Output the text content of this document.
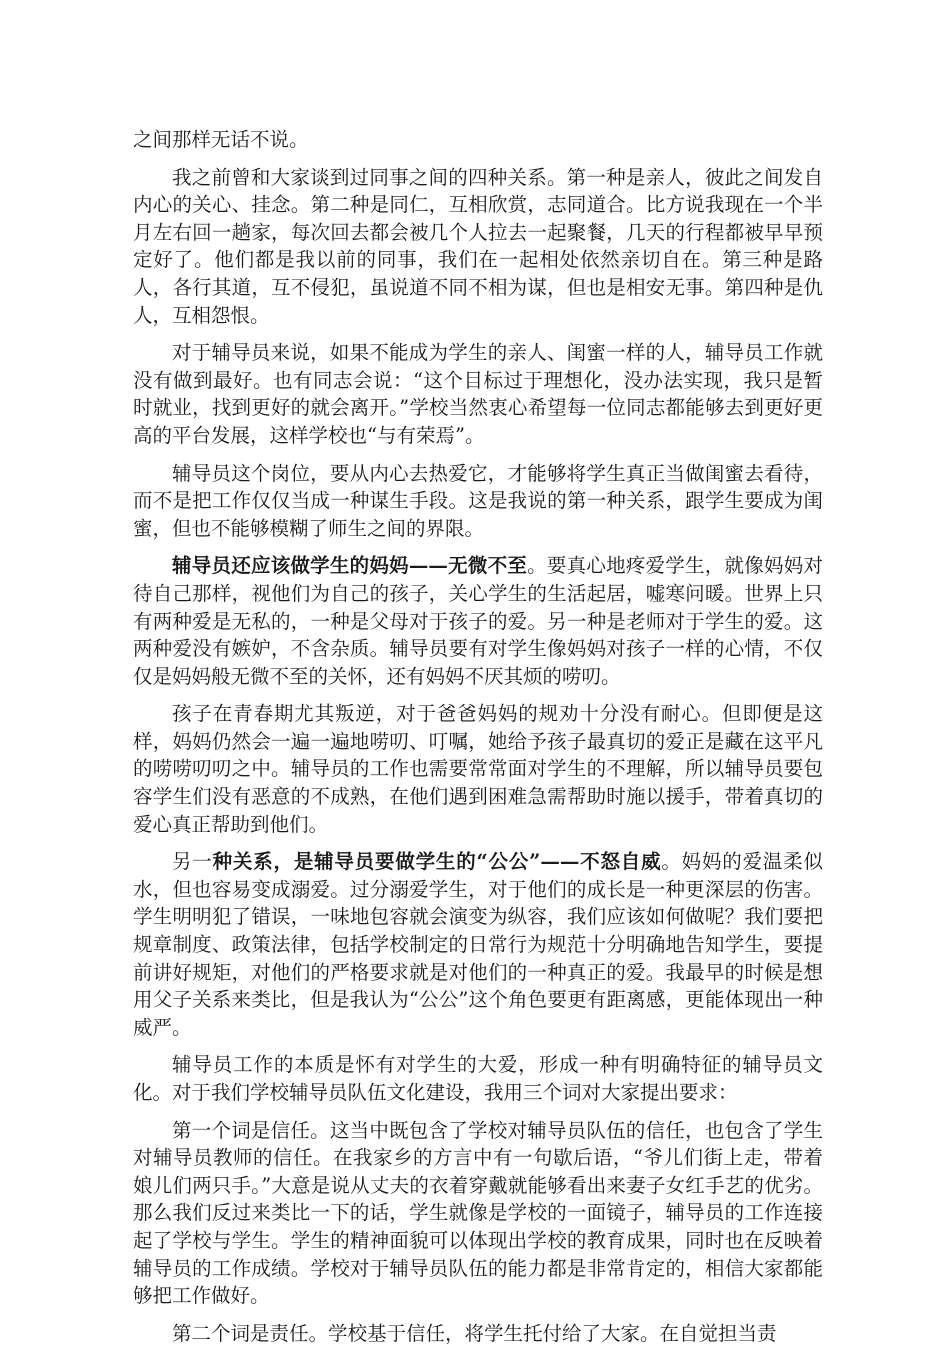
之间那样无话不说。

我之前曾和大家谈到过同事之间的四种关系。第一种是亲人，彼此之间发自内心的关心、挂念。第二种是同仁，互相欣赏，志同道合。比方说我现在一个半月左右回一趟家，每次回去都会被几个人拉去一起聚餐，几天的行程都被早早预定好了。他们都是我以前的同事，我们在一起相处依然亲切自在。第三种是路人，各行其道，互不侵犯，虽说道不同不相为谋，但也是相安无事。第四种是仇人，互相怨恨。

对于辅导员来说，如果不能成为学生的亲人、闺蜜一样的人，辅导员工作就没有做到最好。也有同志会说：“这个目标过于理想化，没办法实现，我只是暂时就业，找到更好的就会离开。”学校当然衷心希望每一位同志都能够去到更好更高的平台发展，这样学校也“与有荣焉”。

辅导员这个岗位，要从内心去热爱它，才能够将学生真正当做闺蜜去看待，而不是把工作仅仅当成一种谋生手段。这是我说的第一种关系，跟学生要成为闺蜜，但也不能够模糊了师生之间的界限。

辅导员还应该做学生的妈妈——无微不至。要真心地疼爱学生，就像妈妈对待自己那样，视他们为自己的孩子，关心学生的生活起居，嘘寒问暖。世界上只有两种爱是无私的，一种是父母对于孩子的爱。另一种是老师对于学生的爱。这两种爱没有嫉妒，不含杂质。辅导员要有对学生像妈妈对孩子一样的心情，不仅仅是妈妈般无微不至的关怀，还有妈妈不厌其烦的唠叨。

孩子在青春期尤其叛逆，对于爸爸妈妈的规劝十分没有耐心。但即便是这样，妈妈仍然会一遍一遍地唠叨、叮嘱，她给予孩子最真切的爱正是藏在这平凡的唠唠叨叨之中。辅导员的工作也需要常常面对学生的不理解，所以辅导员要包容学生们没有恶意的不成熟，在他们遇到困难急需帮助时施以援手，带着真切的爱心真正帮助到他们。

另一种关系，是辅导员要做学生的“公公”——不怒自威。妈妈的爱温柔似水，但也容易变成溺爱。过分溺爱学生，对于他们的成长是一种更深层的伤害。学生明明犯了错误，一味地包容就会演变为纵容，我们应该如何做呢？我们要把规章制度、政策法律，包括学校制定的日常行为规范十分明确地告知学生，要提前讲好规矩，对他们的严格要求就是对他们的一种真正的爱。我最早的时候是想用父子关系来类比，但是我认为“公公”这个角色要更有距离感，更能体现出一种威严。

辅导员工作的本质是怀有对学生的大爱，形成一种有明确特征的辅导员文化。对于我们学校辅导员队伍文化建设，我用三个词对大家提出要求：

第一个词是信任。这当中既包含了学校对辅导员队伍的信任，也包含了学生对辅导员教师的信任。在我家乡的方言中有一句歇后语，“爷儿们街上走，带着娘儿们两只手。”大意是说从丈夫的衣着穿戴就能够看出来妻子女红手艺的优劣。那么我们反过来类比一下的话，学生就像是学校的一面镜子，辅导员的工作连接起了学校与学生。学生的精神面貌可以体现出学校的教育成果，同时也在反映着辅导员的工作成绩。学校对于辅导员队伍的能力都是非常肯定的，相信大家都能够把工作做好。

第二个词是责任。学校基于信任，将学生托付给了大家。在自觉担当责
